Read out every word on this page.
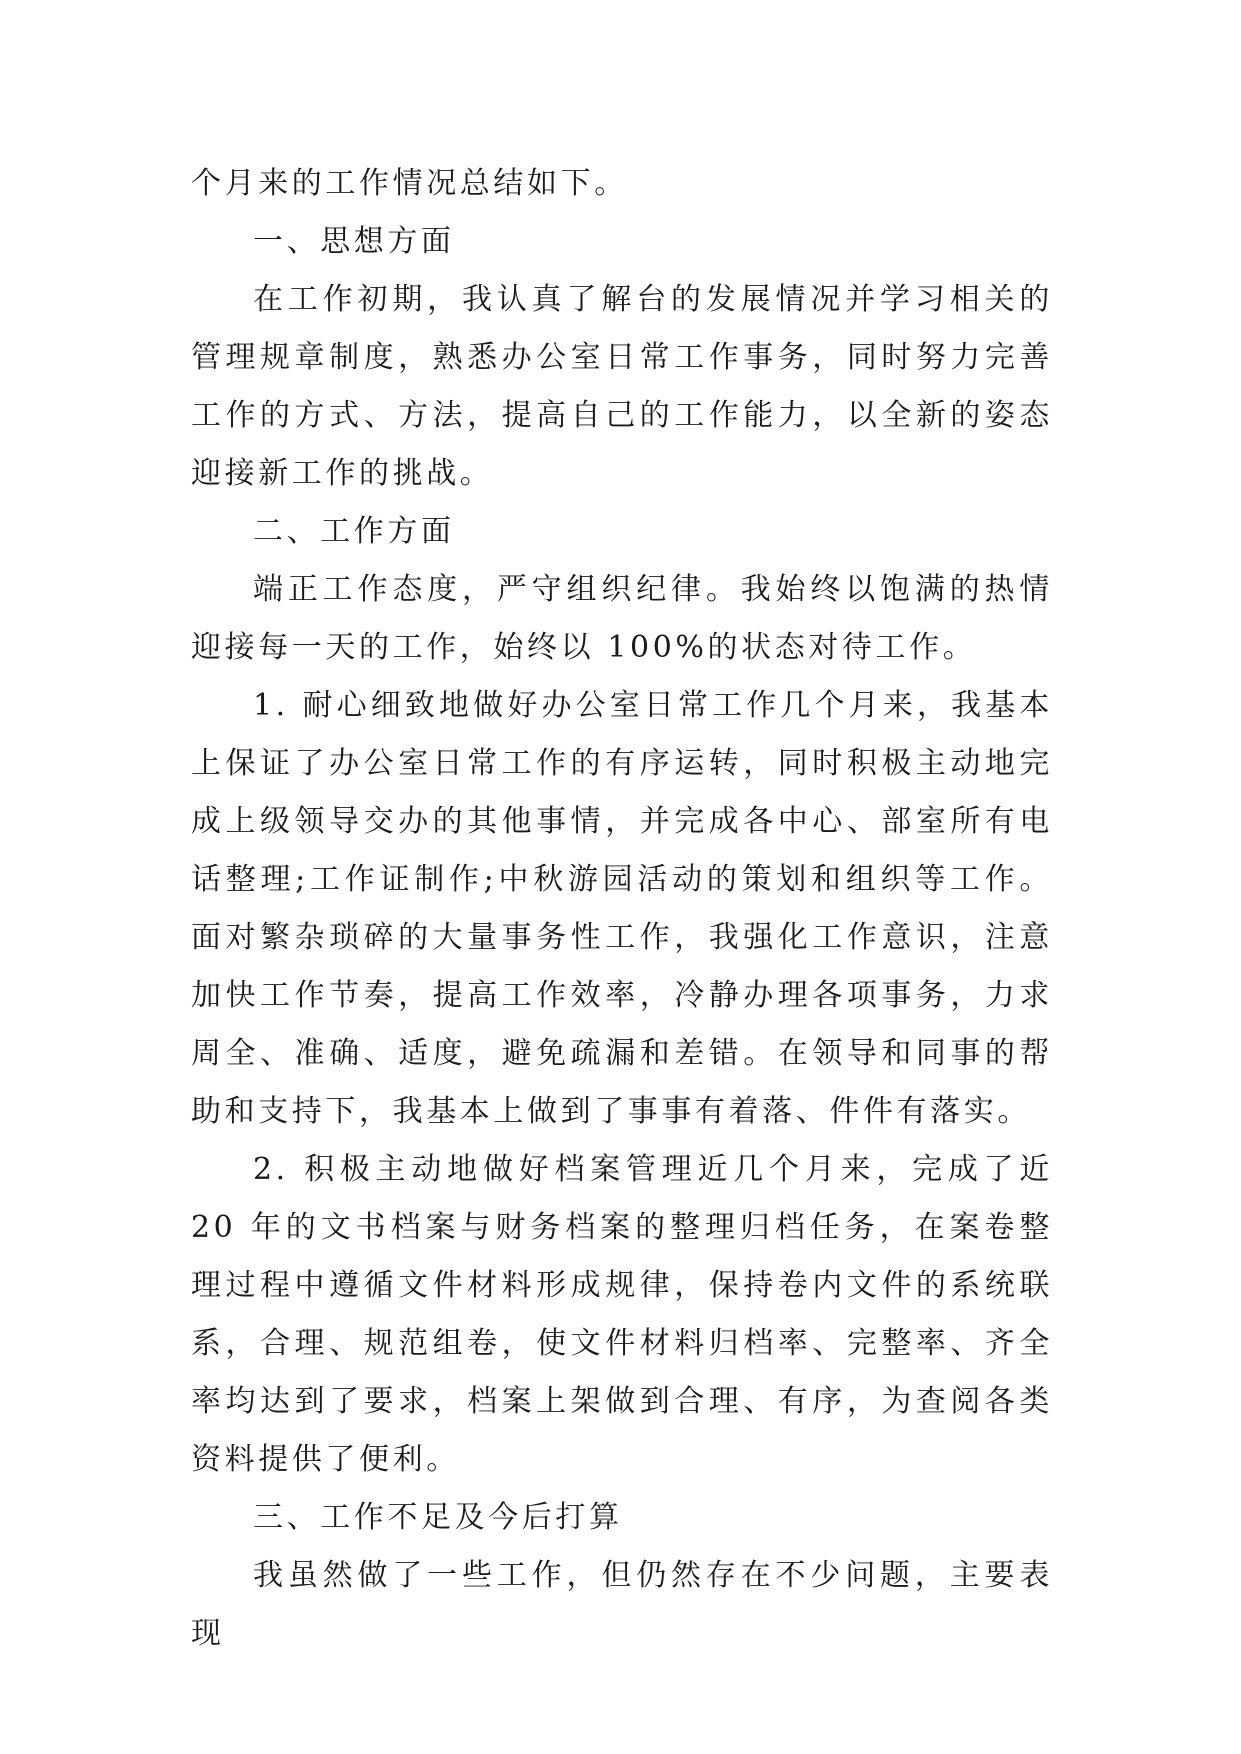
个月来的工作情况总结如下。

一、思想方面

在工作初期，我认真了解台的发展情况并学习相关的管理规章制度，熟悉办公室日常工作事务，同时努力完善工作的方式、方法，提高自己的工作能力，以全新的姿态迎接新工作的挑战。

二、工作方面

端正工作态度，严守组织纪律。我始终以饱满的热情迎接每一天的工作，始终以 100%的状态对待工作。

1. 耐心细致地做好办公室日常工作几个月来，我基本上保证了办公室日常工作的有序运转，同时积极主动地完成上级领导交办的其他事情，并完成各中心、部室所有电话整理;工作证制作;中秋游园活动的策划和组织等工作。面对繁杂琐碎的大量事务性工作，我强化工作意识，注意加快工作节奏，提高工作效率，冷静办理各项事务，力求周全、准确、适度，避免疏漏和差错。在领导和同事的帮助和支持下，我基本上做到了事事有着落、件件有落实。

2. 积极主动地做好档案管理近几个月来，完成了近 20 年的文书档案与财务档案的整理归档任务，在案卷整理过程中遵循文件材料形成规律，保持卷内文件的系统联系，合理、规范组卷，使文件材料归档率、完整率、齐全率均达到了要求，档案上架做到合理、有序，为查阅各类资料提供了便利。

三、工作不足及今后打算

我虽然做了一些工作，但仍然存在不少问题，主要表现
